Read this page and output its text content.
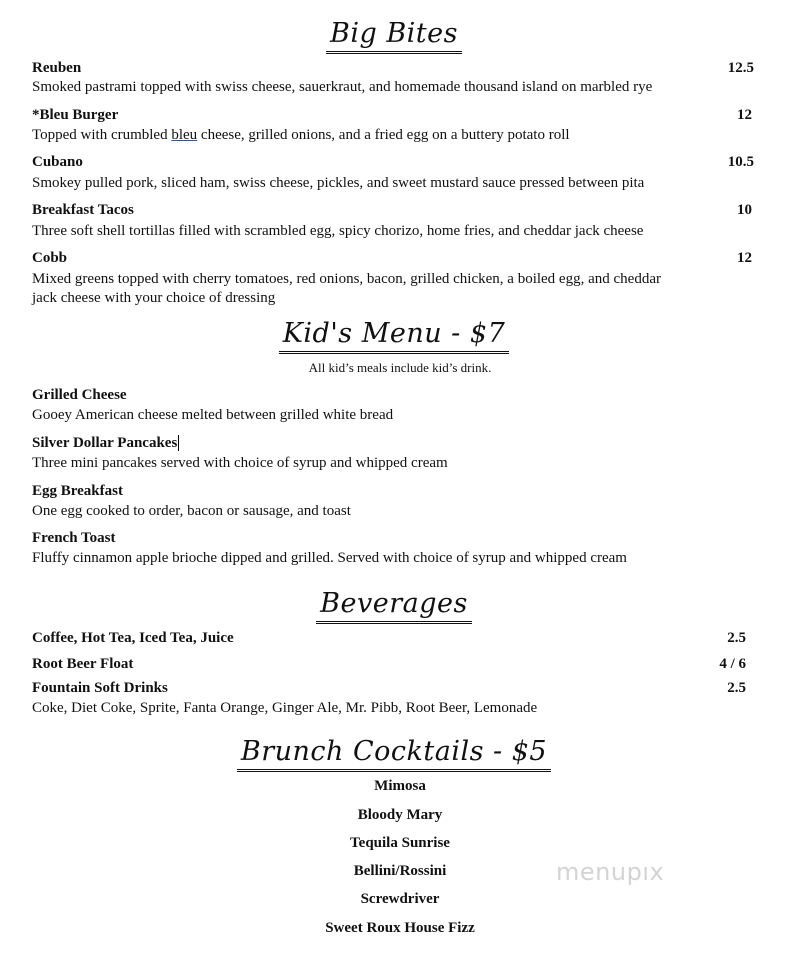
Big Bites
Reuben	12.5
Smoked pastrami topped with swiss cheese, sauerkraut, and homemade thousand island on marbled rye
*Bleu Burger	12
Topped with crumbled bleu cheese, grilled onions, and a fried egg on a buttery potato roll
Cubano	10.5
Smokey pulled pork, sliced ham, swiss cheese, pickles, and sweet mustard sauce pressed between pita
Breakfast Tacos	10
Three soft shell tortillas filled with scrambled egg, spicy chorizo, home fries, and cheddar jack cheese
Cobb	12
Mixed greens topped with cherry tomatoes, red onions, bacon, grilled chicken, a boiled egg, and cheddar
jack cheese with your choice of dressing
Kid's Menu - $7
All kid’s meals include kid’s drink.
Grilled Cheese
Gooey American cheese melted between grilled white bread
Silver Dollar Pancakes
Three mini pancakes served with choice of syrup and whipped cream
Egg Breakfast
One egg cooked to order, bacon or sausage, and toast
French Toast
Fluffy cinnamon apple brioche dipped and grilled. Served with choice of syrup and whipped cream
Beverages
Coffee, Hot Tea, Iced Tea, Juice	2.5
Root Beer Float	4 / 6
Fountain Soft Drinks	2.5
Coke, Diet Coke, Sprite, Fanta Orange, Ginger Ale, Mr. Pibb, Root Beer, Lemonade
Brunch Cocktails - $5
Mimosa
Bloody Mary
Tequila Sunrise
Bellini/Rossini
Screwdriver
Sweet Roux House Fizz
menupıx
